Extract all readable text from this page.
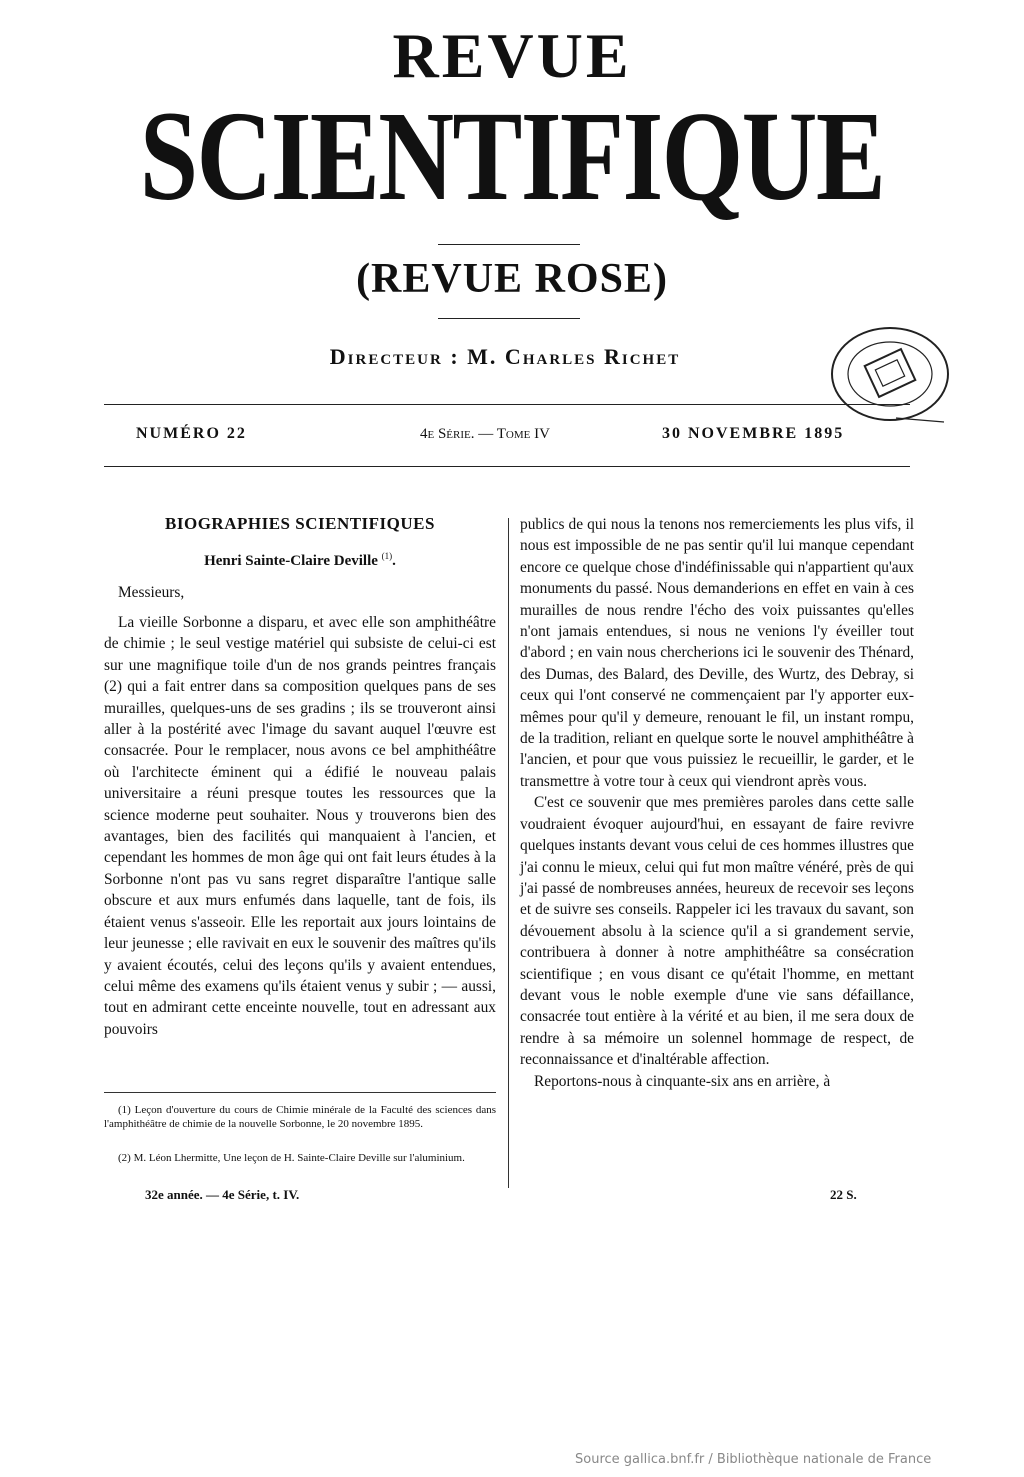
REVUE
SCIENTIFIQUE
(REVUE ROSE)
Directeur : M. Charles Richet
NUMÉRO 22	4e Série. — Tome IV	30 NOVEMBRE 1895
BIOGRAPHIES SCIENTIFIQUES
Henri Sainte-Claire Deville $^{(1)}$.
Messieurs,

La vieille Sorbonne a disparu, et avec elle son amphithéâtre de chimie ; le seul vestige matériel qui subsiste de celui-ci est sur une magnifique toile d'un de nos grands peintres français (2) qui a fait entrer dans sa composition quelques pans de ses murailles, quelques-uns de ses gradins ; ils se trouveront ainsi aller à la postérité avec l'image du savant auquel l'œuvre est consacrée. Pour le remplacer, nous avons ce bel amphithéâtre où l'architecte éminent qui a édifié le nouveau palais universitaire a réuni presque toutes les ressources que la science moderne peut souhaiter. Nous y trouverons bien des avantages, bien des facilités qui manquaient à l'ancien, et cependant les hommes de mon âge qui ont fait leurs études à la Sorbonne n'ont pas vu sans regret disparaître l'antique salle obscure et aux murs enfumés dans laquelle, tant de fois, ils étaient venus s'asseoir. Elle les reportait aux jours lointains de leur jeunesse ; elle ravivait en eux le souvenir des maîtres qu'ils y avaient écoutés, celui des leçons qu'ils y avaient entendues, celui même des examens qu'ils étaient venus y subir ; — aussi, tout en admirant cette enceinte nouvelle, tout en adressant aux pouvoirs

publics de qui nous la tenons nos remerciements les plus vifs, il nous est impossible de ne pas sentir qu'il lui manque cependant encore ce quelque chose d'indéfinissable qui n'appartient qu'aux monuments du passé. Nous demanderions en effet en vain à ces murailles de nous rendre l'écho des voix puissantes qu'elles n'ont jamais entendues, si nous ne venions l'y éveiller tout d'abord ; en vain nous chercherions ici le souvenir des Thénard, des Dumas, des Balard, des Deville, des Wurtz, des Debray, si ceux qui l'ont conservé ne commençaient par l'y apporter eux-mêmes pour qu'il y demeure, renouant le fil, un instant rompu, de la tradition, reliant en quelque sorte le nouvel amphithéâtre à l'ancien, et pour que vous puissiez le recueillir, le garder, et le transmettre à votre tour à ceux qui viendront après vous.

C'est ce souvenir que mes premières paroles dans cette salle voudraient évoquer aujourd'hui, en essayant de faire revivre quelques instants devant vous celui de ces hommes illustres que j'ai connu le mieux, celui qui fut mon maître vénéré, près de qui j'ai passé de nombreuses années, heureux de recevoir ses leçons et de suivre ses conseils. Rappeler ici les travaux du savant, son dévouement absolu à la science qu'il a si grandement servie, contribuera à donner à notre amphithéâtre sa consécration scientifique ; en vous disant ce qu'était l'homme, en mettant devant vous le noble exemple d'une vie sans défaillance, consacrée tout entière à la vérité et au bien, il me sera doux de rendre à sa mémoire un solennel hommage de respect, de reconnaissance et d'inaltérable affection.

Reportons-nous à cinquante-six ans en arrière, à

(1) Leçon d'ouverture du cours de Chimie minérale de la Faculté des sciences dans l'amphithéâtre de chimie de la nouvelle Sorbonne, le 20 novembre 1895.
(2) M. Léon Lhermitte, Une leçon de H. Sainte-Claire Deville sur l'aluminium.
32e année. — 4e Série, t. IV.	22 S.
Source gallica.bnf.fr / Bibliothèque nationale de France
